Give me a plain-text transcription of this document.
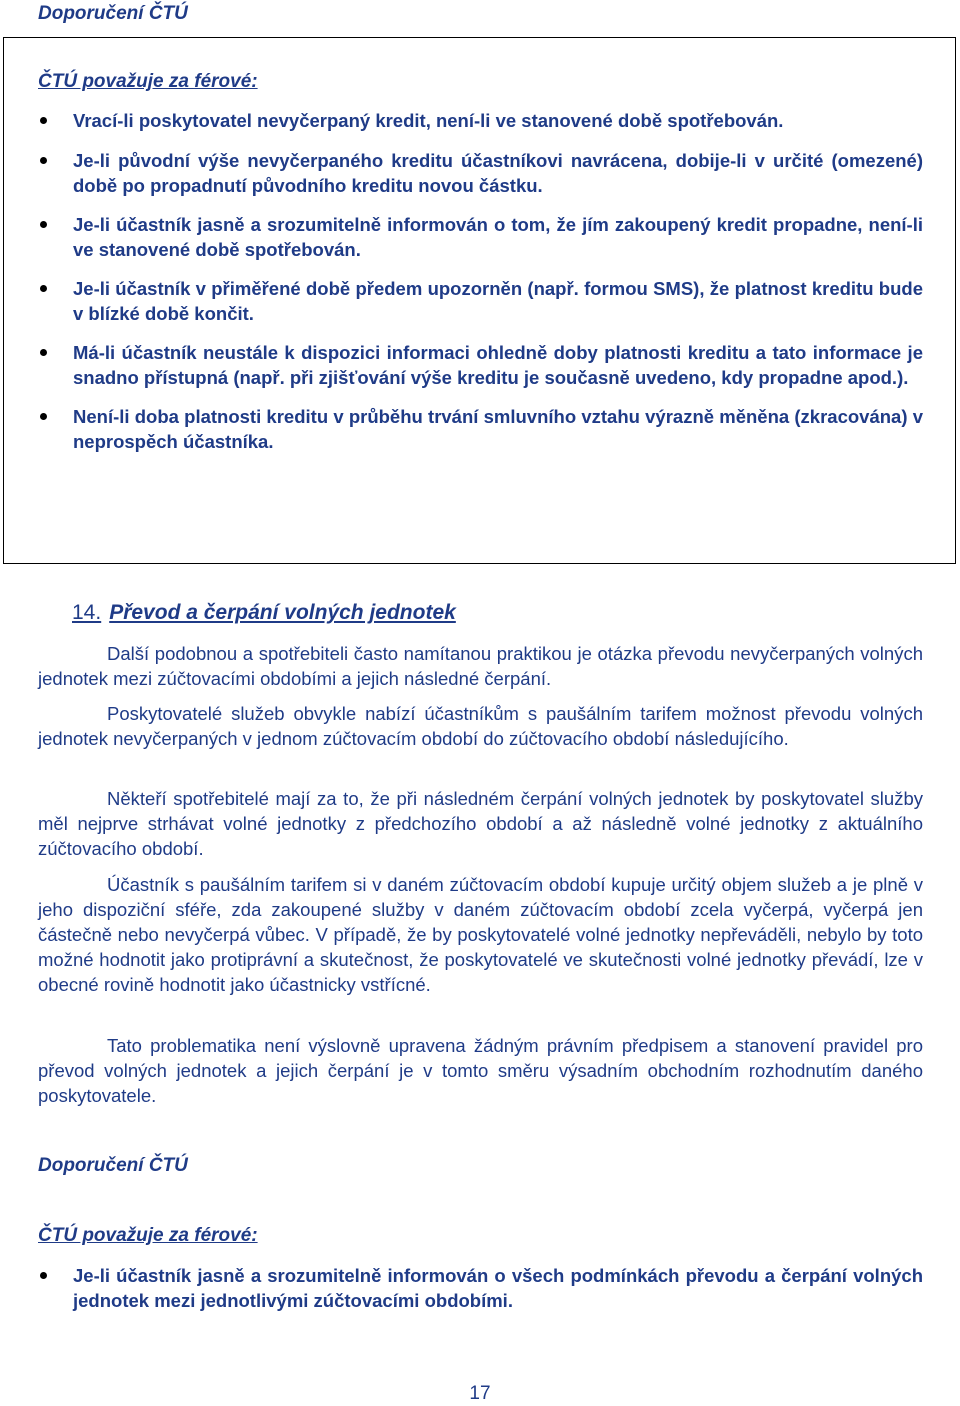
Doporučení ČTÚ
ČTÚ považuje za férové:
Vrací-li poskytovatel nevyčerpaný kredit, není-li ve stanovené době spotřebován.
Je-li původní výše nevyčerpaného kreditu účastníkovi navrácena, dobije-li v určité (omezené) době po propadnutí původního kreditu novou částku.
Je-li účastník jasně a srozumitelně informován o tom, že jím zakoupený kredit propadne, není-li ve stanovené době spotřebován.
Je-li účastník v přiměřené době předem upozorněn (např. formou SMS), že platnost kreditu bude v blízké době končit.
Má-li účastník neustále k dispozici informaci ohledně doby platnosti kreditu a tato informace je snadno přístupná (např. při zjišťování výše kreditu je současně uvedeno, kdy propadne apod.).
Není-li doba platnosti kreditu v průběhu trvání smluvního vztahu výrazně měněna (zkracována) v neprospěch účastníka.
14. Převod a čerpání volných jednotek

Další podobnou a spotřebiteli často namítanou praktikou je otázka převodu nevyčerpaných volných jednotek mezi zúčtovacími obdobími a jejich následné čerpání.

Poskytovatelé služeb obvykle nabízí účastníkům s paušálním tarifem možnost převodu volných jednotek nevyčerpaných v jednom zúčtovacím období do zúčtovacího období následujícího.

Někteří spotřebitelé mají za to, že při následném čerpání volných jednotek by poskytovatel služby měl nejprve strhávat volné jednotky z předchozího období a až následně volné jednotky z aktuálního zúčtovacího období.

Účastník s paušálním tarifem si v daném zúčtovacím období kupuje určitý objem služeb a je plně v jeho dispoziční sféře, zda zakoupené služby v daném zúčtovacím období zcela vyčerpá, vyčerpá jen částečně nebo nevyčerpá vůbec. V případě, že by poskytovatelé volné jednotky nepřeváděli, nebylo by toto možné hodnotit jako protiprávní a skutečnost, že poskytovatelé ve skutečnosti volné jednotky převádí, lze v obecné rovině hodnotit jako účastnicky vstřícné.

Tato problematika není výslovně upravena žádným právním předpisem a stanovení pravidel pro převod volných jednotek a jejich čerpání je v tomto směru výsadním obchodním rozhodnutím daného poskytovatele.

Doporučení ČTÚ
ČTÚ považuje za férové:
Je-li účastník jasně a srozumitelně informován o všech podmínkách převodu a čerpání volných jednotek mezi jednotlivými zúčtovacími obdobími.
17
